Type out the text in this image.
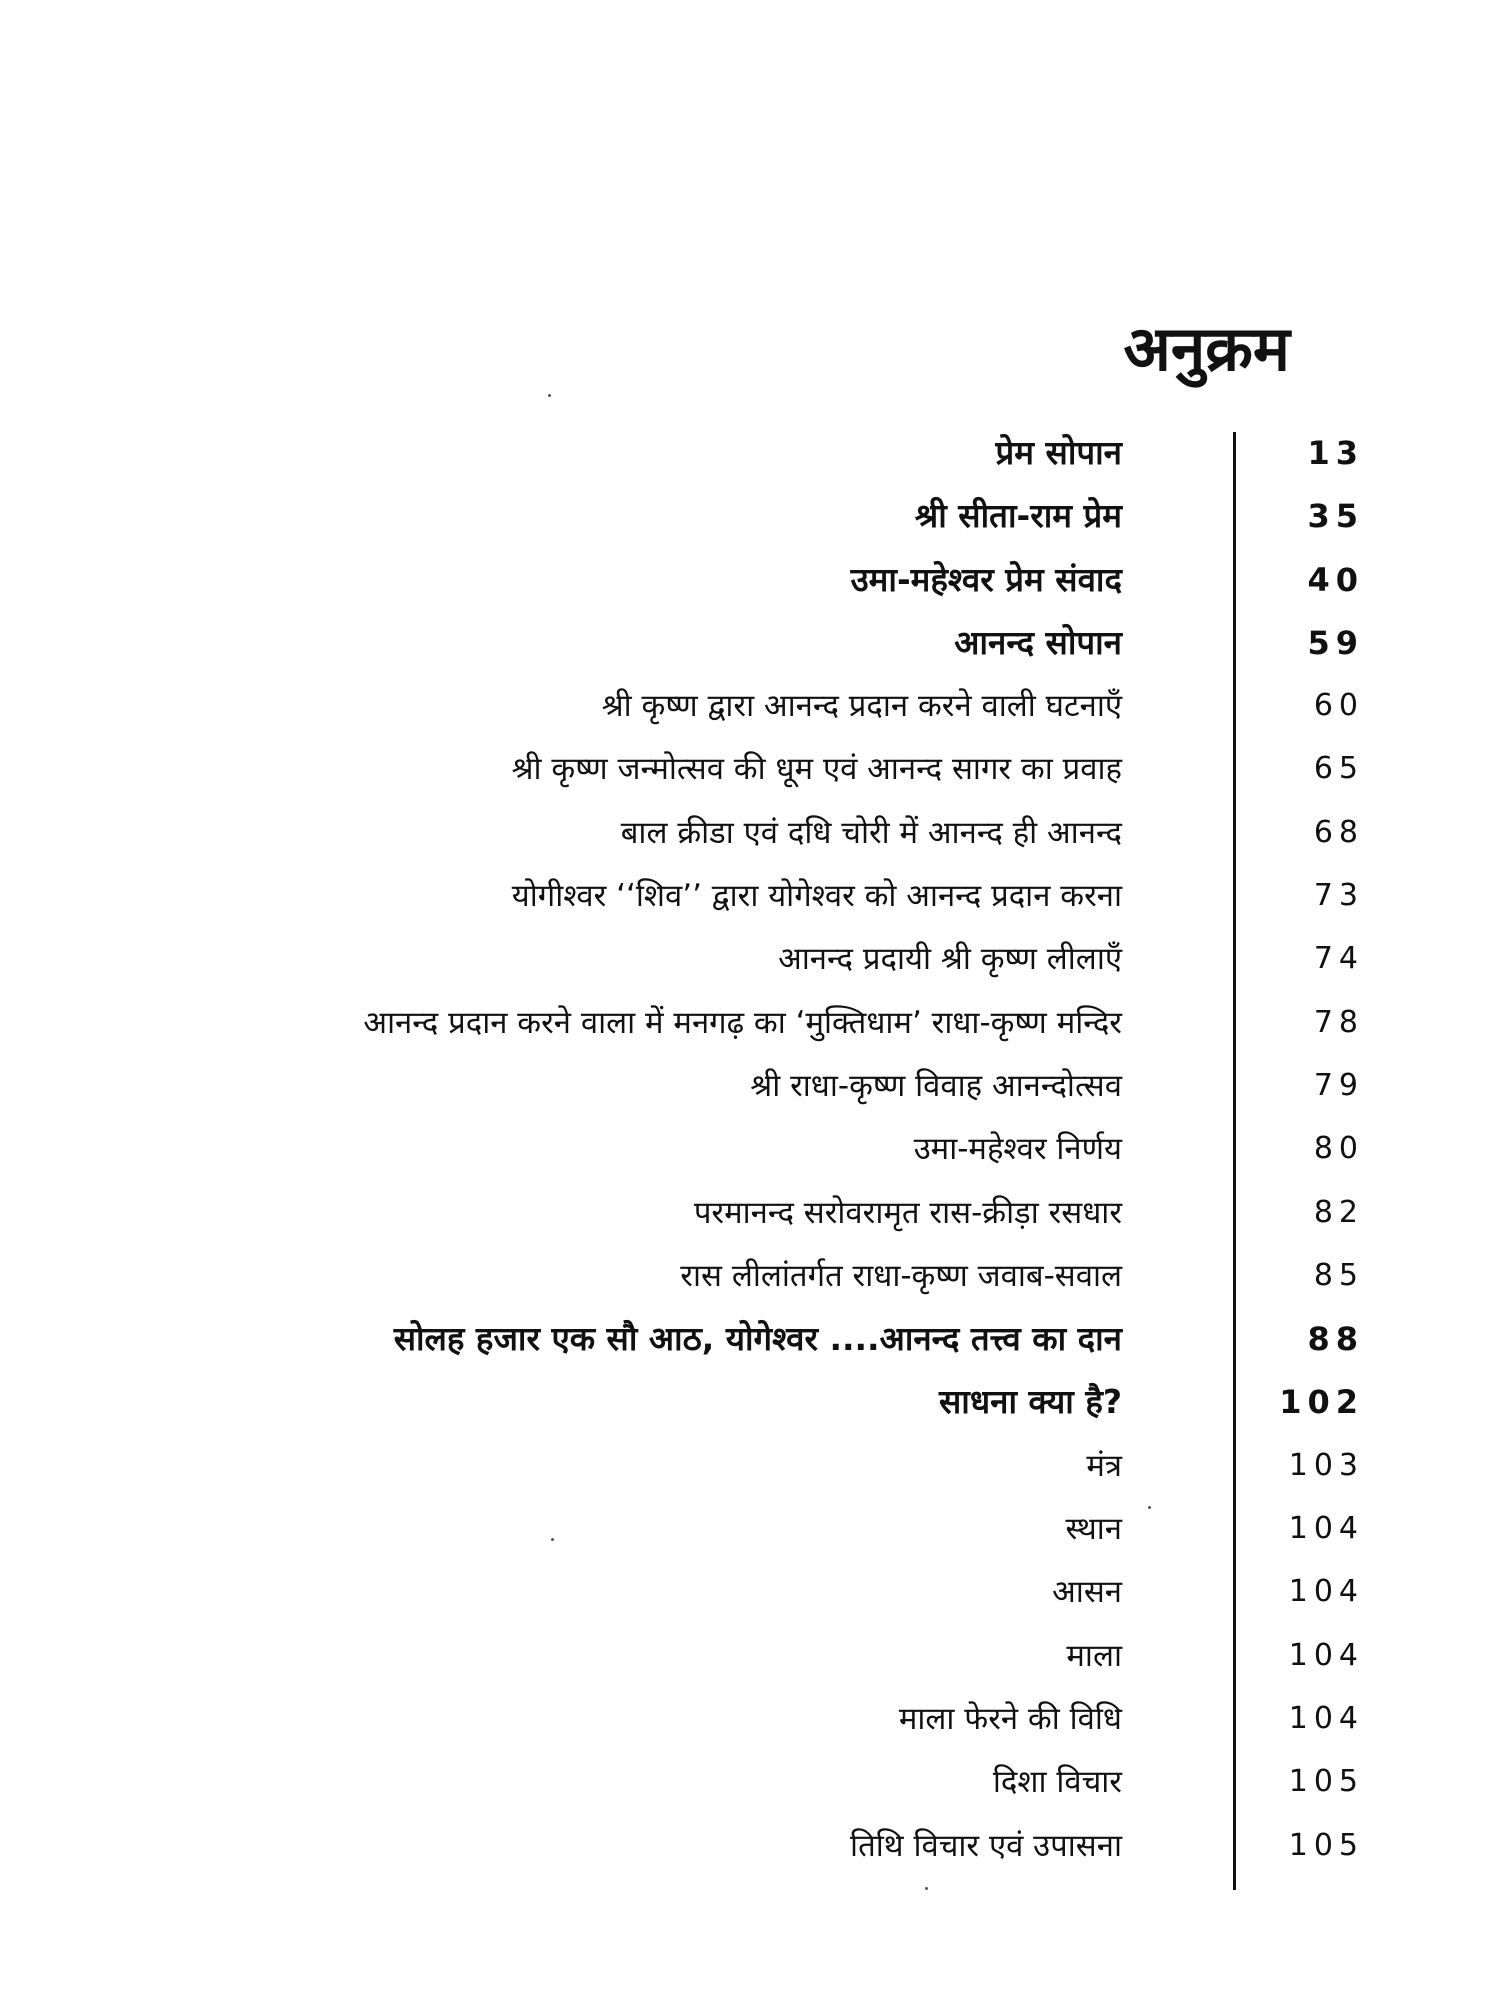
अनुक्रम
प्रेम सोपान	13
श्री सीता-राम प्रेम	35
उमा-महेश्वर प्रेम संवाद	40
आनन्द सोपान	59
श्री कृष्ण द्वारा आनन्द प्रदान करने वाली घटनाएँ	60
श्री कृष्ण जन्मोत्सव की धूम एवं आनन्द सागर का प्रवाह	65
बाल क्रीडा एवं दधि चोरी में आनन्द ही आनन्द	68
योगीश्वर ‘‘शिव’’ द्वारा योगेश्वर को आनन्द प्रदान करना	73
आनन्द प्रदायी श्री कृष्ण लीलाएँ	74
आनन्द प्रदान करने वाला में मनगढ़ का ‘मुक्तिधाम’ राधा-कृष्ण मन्दिर	78
श्री राधा-कृष्ण विवाह आनन्दोत्सव	79
उमा-महेश्वर निर्णय	80
परमानन्द सरोवरामृत रास-क्रीड़ा रसधार	82
रास लीलांतर्गत राधा-कृष्ण जवाब-सवाल	85
सोलह हजार एक सौ आठ, योगेश्वर ....आनन्द तत्त्व का दान	88
साधना क्या है?	102
मंत्र	103
स्थान	104
आसन	104
माला	104
माला फेरने की विधि	104
दिशा विचार	105
तिथि विचार एवं उपासना	105
